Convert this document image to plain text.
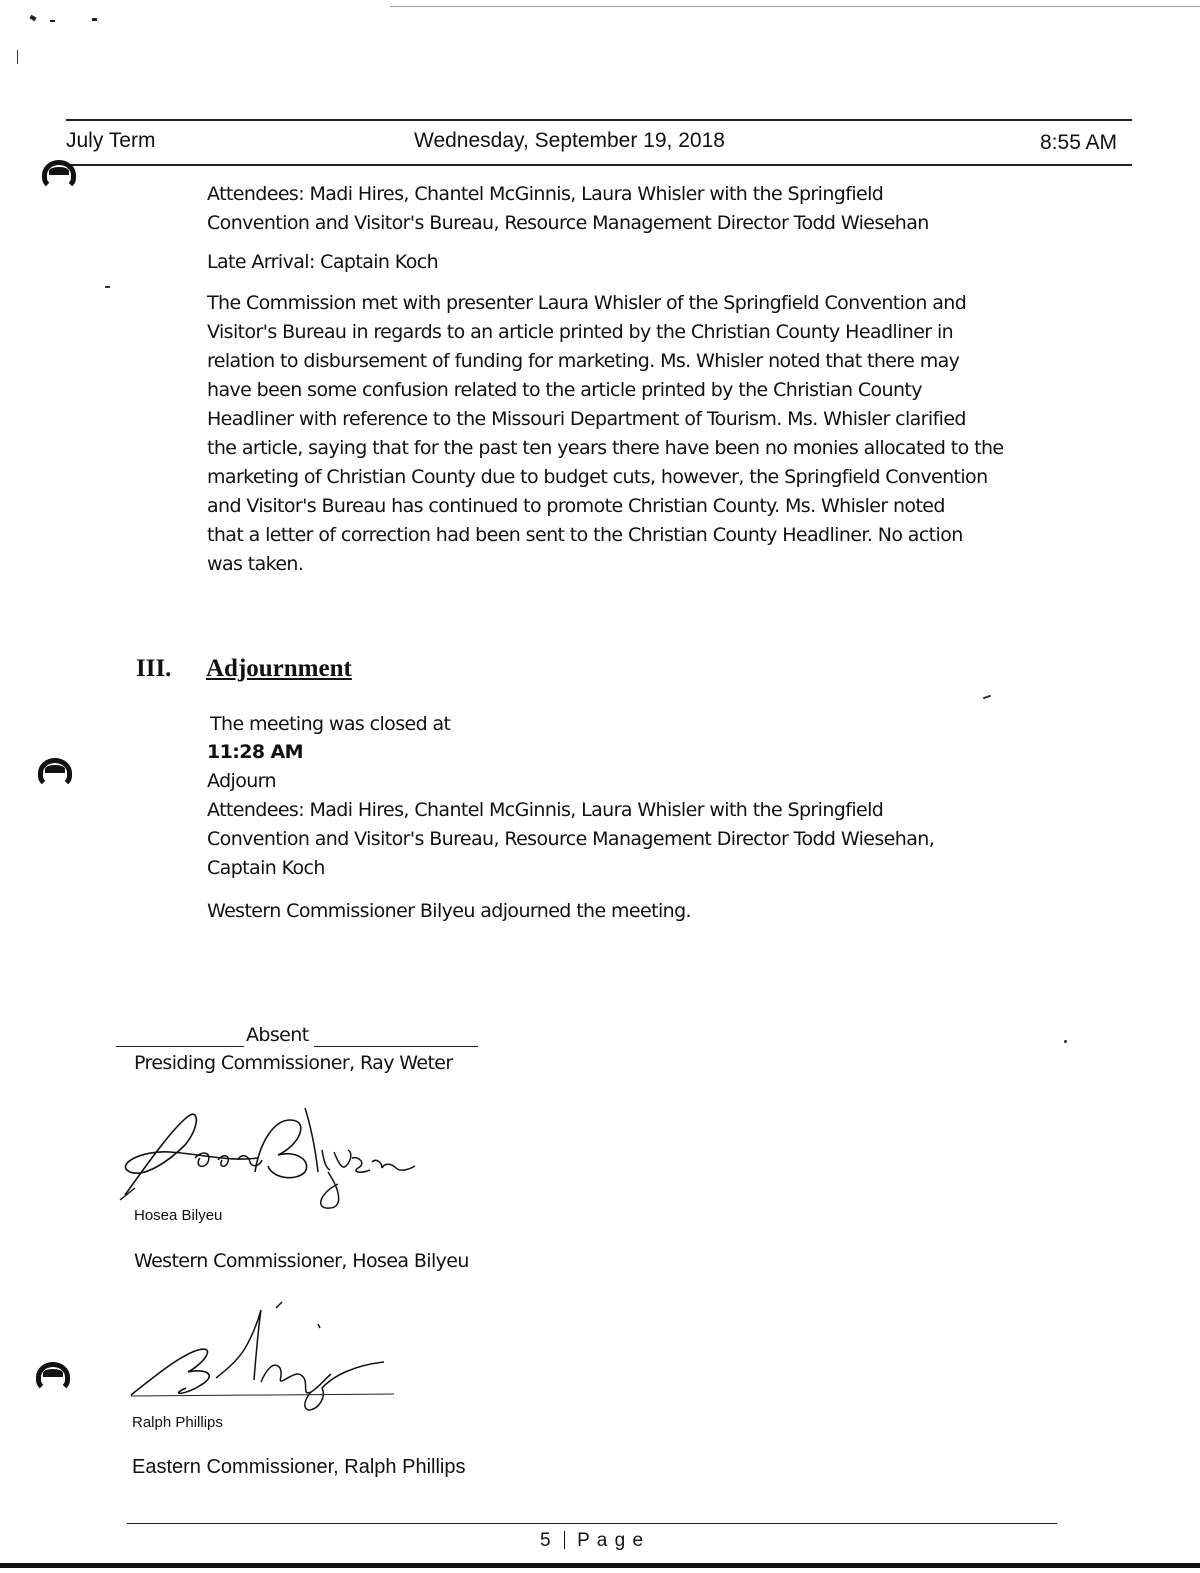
July Term	Wednesday, September 19, 2018	8:55 AM

Attendees: Madi Hires, Chantel McGinnis, Laura Whisler with the Springfield

Convention and Visitor's Bureau, Resource Management Director Todd Wiesehan

Late Arrival: Captain Koch

The Commission met with presenter Laura Whisler of the Springfield Convention and

Visitor's Bureau in regards to an article printed by the Christian County Headliner in

relation to disbursement of funding for marketing. Ms. Whisler noted that there may

have been some confusion related to the article printed by the Christian County

Headliner with reference to the Missouri Department of Tourism. Ms. Whisler clarified

the article, saying that for the past ten years there have been no monies allocated to the

marketing of Christian County due to budget cuts, however, the Springfield Convention

and Visitor's Bureau has continued to promote Christian County. Ms. Whisler noted

that a letter of correction had been sent to the Christian County Headliner. No action

was taken.

III. Adjournment

The meeting was closed at

11:28 AM

Adjourn

Attendees: Madi Hires, Chantel McGinnis, Laura Whisler with the Springfield

Convention and Visitor's Bureau, Resource Management Director Todd Wiesehan,

Captain Koch

Western Commissioner Bilyeu adjourned the meeting.

Absent

Presiding Commissioner, Ray Weter

Hosea Bilyeu

Western Commissioner, Hosea Bilyeu

Ralph Phillips

Eastern Commissioner, Ralph Phillips

5 P a g e
